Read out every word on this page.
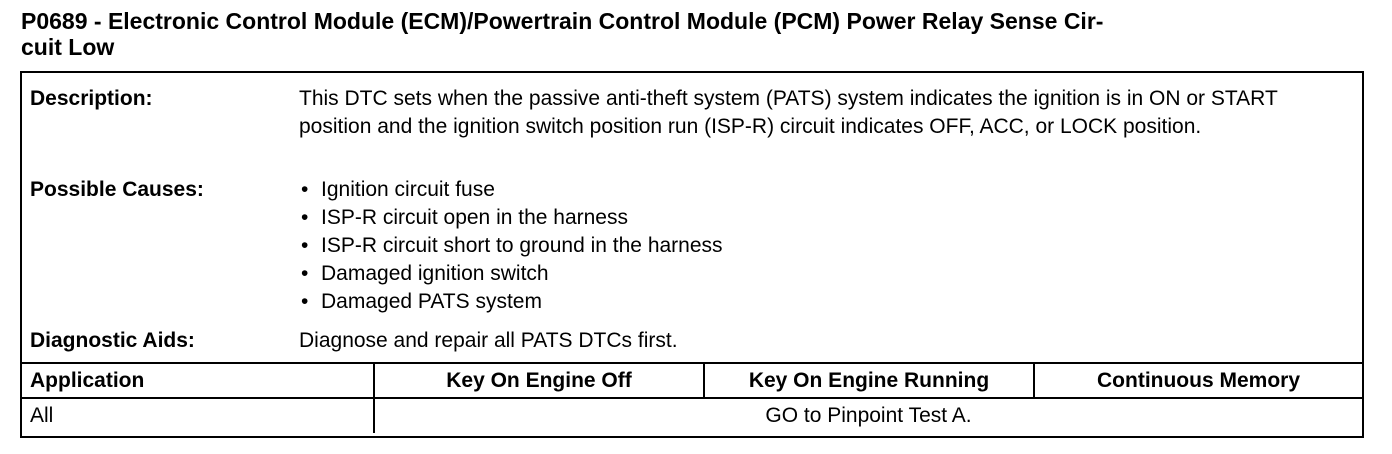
P0689 - Electronic Control Module (ECM)/Powertrain Control Module (PCM) Power Relay Sense Cir-
cuit Low

Description:	This DTC sets when the passive anti-theft system (PATS) system indicates the ignition is in ON or START position and the ignition switch position run (ISP-R) circuit indicates OFF, ACC, or LOCK position.

Possible Causes:	• Ignition circuit fuse
• ISP-R circuit open in the harness
• ISP-R circuit short to ground in the harness
• Damaged ignition switch
• Damaged PATS system

Diagnostic Aids:	Diagnose and repair all PATS DTCs first.

Application	Key On Engine Off	Key On Engine Running	Continuous Memory
All	GO to Pinpoint Test A.		
